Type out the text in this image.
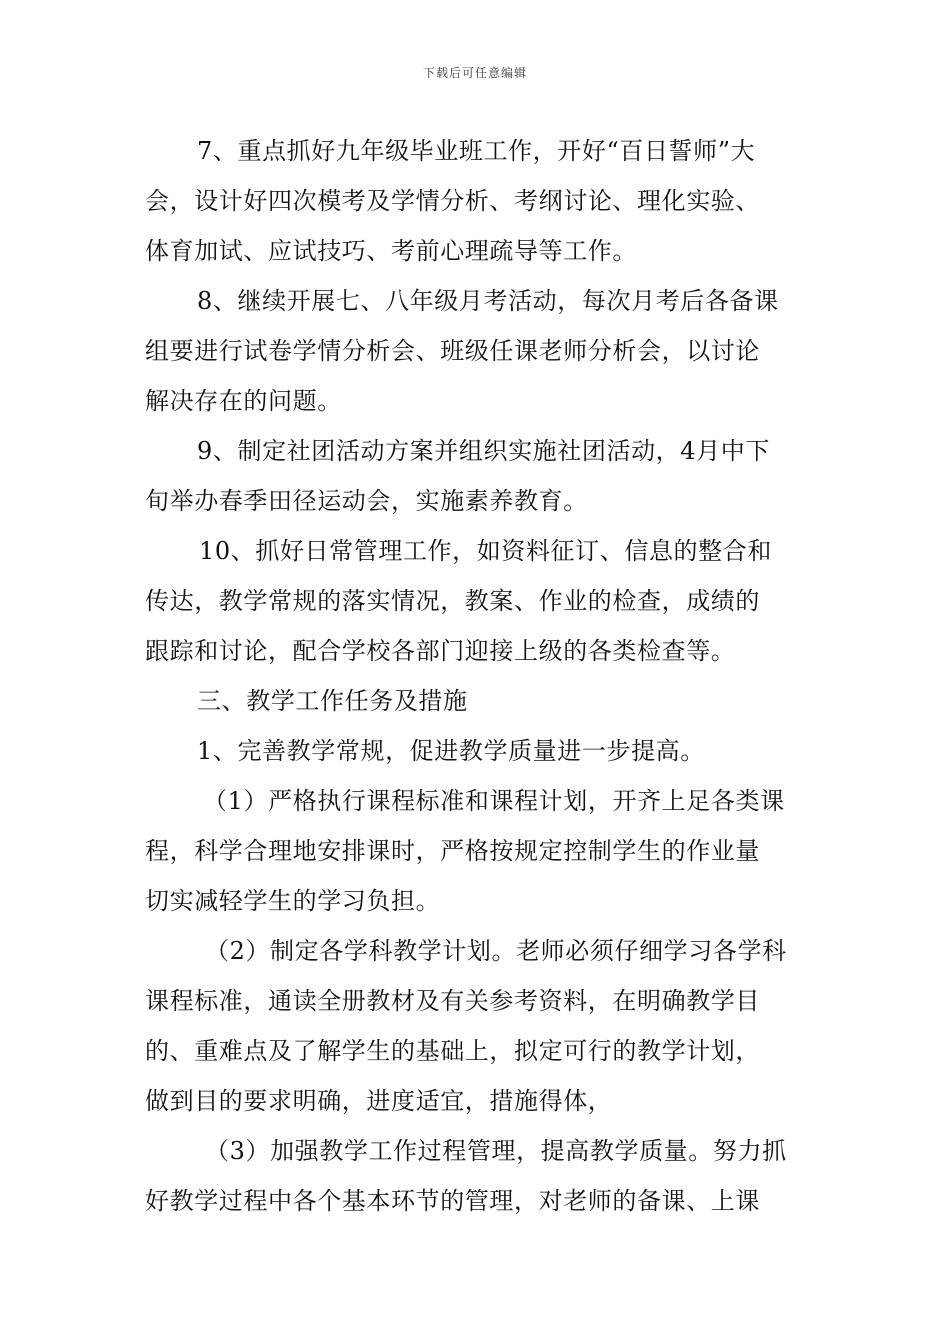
下载后可任意编辑
7、重点抓好九年级毕业班工作，开好“百日誓师”大
会，设计好四次模考及学情分析、考纲讨论、理化实验、
体育加试、应试技巧、考前心理疏导等工作。
8、继续开展七、八年级月考活动，每次月考后各备课
组要进行试卷学情分析会、班级任课老师分析会，以讨论
解决存在的问题。
9、制定社团活动方案并组织实施社团活动，4月中下
旬举办春季田径运动会，实施素养教育。
10、抓好日常管理工作，如资料征订、信息的整合和
传达，教学常规的落实情况，教案、作业的检查，成绩的
跟踪和讨论，配合学校各部门迎接上级的各类检查等。
三、教学工作任务及措施
1、完善教学常规，促进教学质量进一步提高。
（1）严格执行课程标准和课程计划，开齐上足各类课
程，科学合理地安排课时，严格按规定控制学生的作业量
切实减轻学生的学习负担。
（2）制定各学科教学计划。老师必须仔细学习各学科
课程标准，通读全册教材及有关参考资料，在明确教学目
的、重难点及了解学生的基础上，拟定可行的教学计划，
做到目的要求明确，进度适宜，措施得体，
（3）加强教学工作过程管理，提高教学质量。努力抓
好教学过程中各个基本环节的管理，对老师的备课、上课
